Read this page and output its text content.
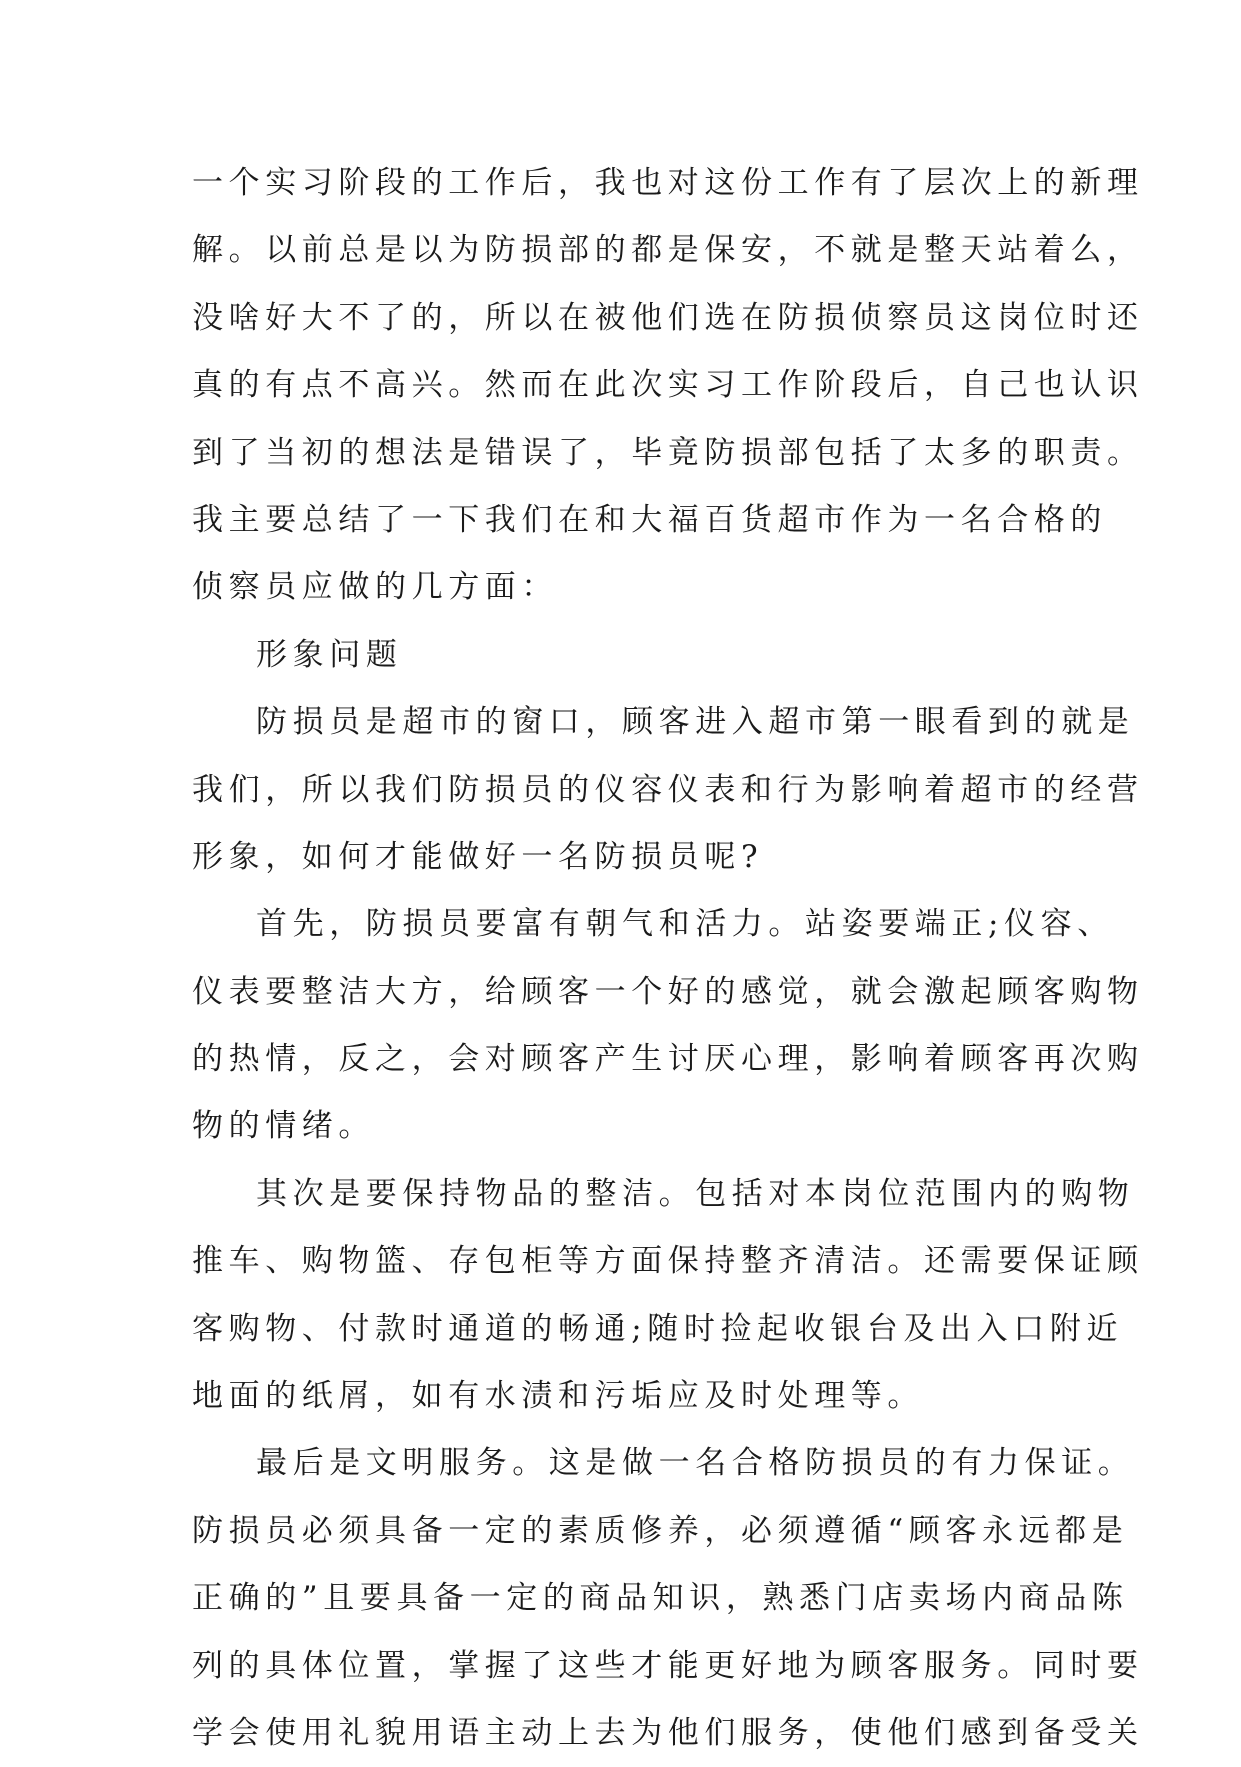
一个实习阶段的工作后，我也对这份工作有了层次上的新理
解。以前总是以为防损部的都是保安，不就是整天站着么，
没啥好大不了的，所以在被他们选在防损侦察员这岗位时还
真的有点不高兴。然而在此次实习工作阶段后，自己也认识
到了当初的想法是错误了，毕竟防损部包括了太多的职责。
我主要总结了一下我们在和大福百货超市作为一名合格的
侦察员应做的几方面：
形象问题
防损员是超市的窗口，顾客进入超市第一眼看到的就是
我们，所以我们防损员的仪容仪表和行为影响着超市的经营
形象，如何才能做好一名防损员呢?
首先，防损员要富有朝气和活力。站姿要端正;仪容、
仪表要整洁大方，给顾客一个好的感觉，就会激起顾客购物
的热情，反之，会对顾客产生讨厌心理，影响着顾客再次购
物的情绪。
其次是要保持物品的整洁。包括对本岗位范围内的购物
推车、购物篮、存包柜等方面保持整齐清洁。还需要保证顾
客购物、付款时通道的畅通;随时捡起收银台及出入口附近
地面的纸屑，如有水渍和污垢应及时处理等。
最后是文明服务。这是做一名合格防损员的有力保证。
防损员必须具备一定的素质修养，必须遵循“顾客永远都是
正确的”且要具备一定的商品知识，熟悉门店卖场内商品陈
列的具体位置，掌握了这些才能更好地为顾客服务。同时要
学会使用礼貌用语主动上去为他们服务，使他们感到备受关
